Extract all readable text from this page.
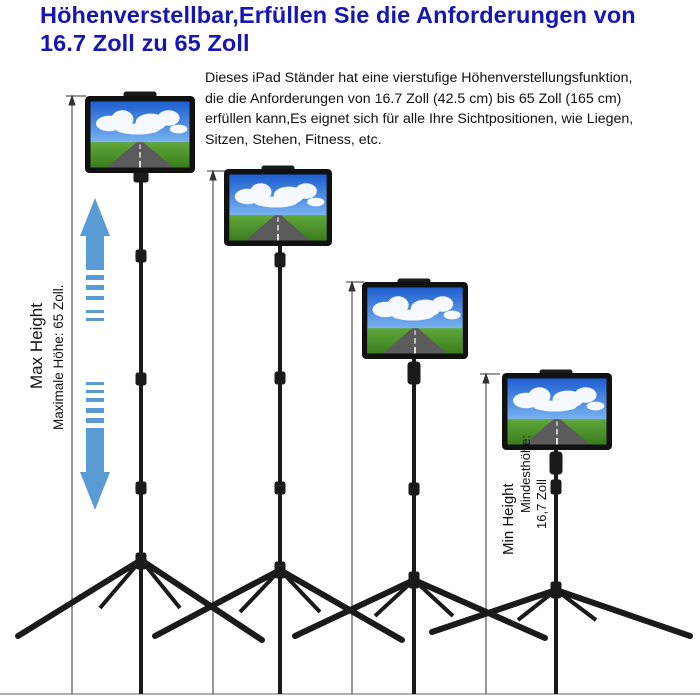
Höhenverstellbar,Erfüllen Sie die Anforderungen von
16.7 Zoll zu 65 Zoll
Dieses iPad Ständer hat eine vierstufige Höhenverstellungsfunktion,
die die Anforderungen von 16.7 Zoll (42.5 cm) bis 65 Zoll (165 cm)
erfüllen kann,Es eignet sich für alle Ihre Sichtpositionen, wie Liegen,
Sitzen, Stehen, Fitness, etc.
Max Height Maximale Höhe: 65 Zoll.
Min Height
Mindesthöhe: 16,7 Zoll
